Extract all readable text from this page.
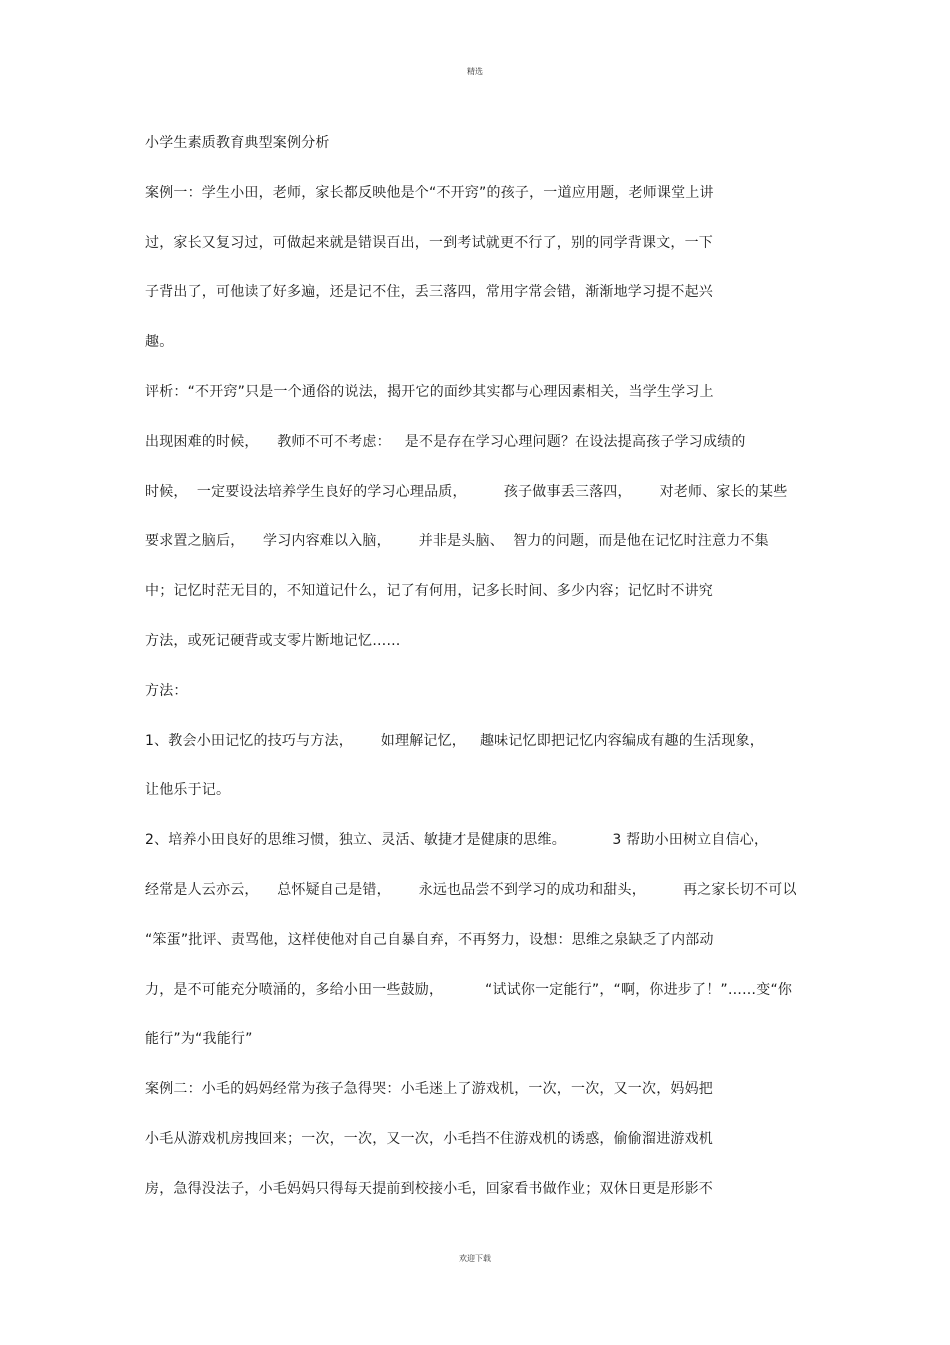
精选
小学生素质教育典型案例分析
案例一：学生小田，老师，家长都反映他是个“不开窍”的孩子，一道应用题，老师课堂上讲
过，家长又复习过，可做起来就是错误百出，一到考试就更不行了，别的同学背课文，一下
子背出了，可他读了好多遍，还是记不住，丢三落四，常用字常会错，渐渐地学习提不起兴
趣。
评析：“不开窍”只是一个通俗的说法，揭开它的面纱其实都与心理因素相关，当学生学习上
出现困难的时候，    教师不可不考虑：   是不是存在学习心理问题？在设法提高孩子学习成绩的
时候，  一定要设法培养学生良好的学习心理品质，        孩子做事丢三落四，      对老师、家长的某些
要求置之脑后，    学习内容难以入脑，      并非是头脑、  智力的问题，而是他在记忆时注意力不集
中；记忆时茫无目的，不知道记什么，记了有何用，记多长时间、多少内容；记忆时不讲究
方法，或死记硬背或支零片断地记忆……
方法：
1、教会小田记忆的技巧与方法，      如理解记忆，   趣味记忆即把记忆内容编成有趣的生活现象，
让他乐于记。
2、培养小田良好的思维习惯，独立、灵活、敏捷才是健康的思维。          3 帮助小田树立自信心，
经常是人云亦云，    总怀疑自己是错，      永远也品尝不到学习的成功和甜头，        再之家长切不可以
“笨蛋”批评、责骂他，这样使他对自己自暴自弃，不再努力，设想：思维之泉缺乏了内部动
力，是不可能充分喷涌的，多给小田一些鼓励，         “试试你一定能行”，“啊，你进步了！”……变“你
能行”为“我能行”
案例二：小毛的妈妈经常为孩子急得哭：小毛迷上了游戏机，一次，一次，又一次，妈妈把
小毛从游戏机房拽回来；一次，一次，又一次，小毛挡不住游戏机的诱惑，偷偷溜进游戏机
房，急得没法子，小毛妈妈只得每天提前到校接小毛，回家看书做作业；双休日更是形影不
欢迎下载
